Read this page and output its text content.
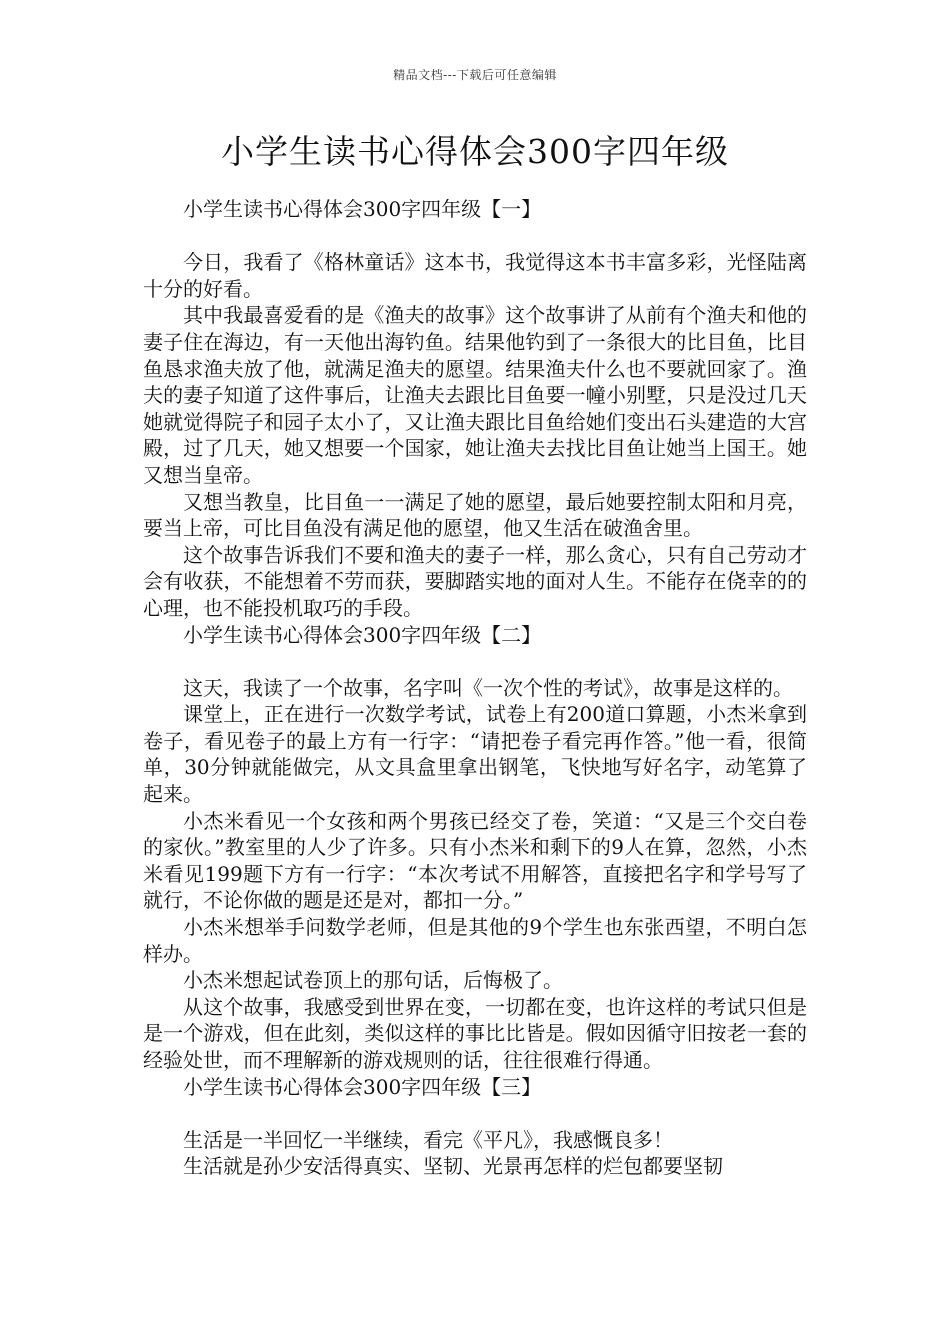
精品文档---下载后可任意编辑
小学生读书心得体会300字四年级

小学生读书心得体会300字四年级【一】

今日，我看了《格林童话》这本书，我觉得这本书丰富多彩，光怪陆离十分的好看。

其中我最喜爱看的是《渔夫的故事》这个故事讲了从前有个渔夫和他的妻子住在海边，有一天他出海钓鱼。结果他钓到了一条很大的比目鱼，比目鱼恳求渔夫放了他，就满足渔夫的愿望。结果渔夫什么也不要就回家了。渔夫的妻子知道了这件事后，让渔夫去跟比目鱼要一幢小别墅，只是没过几天她就觉得院子和园子太小了，又让渔夫跟比目鱼给她们变出石头建造的大宫殿，过了几天，她又想要一个国家，她让渔夫去找比目鱼让她当上国王。她又想当皇帝。

又想当教皇，比目鱼一一满足了她的愿望，最后她要控制太阳和月亮，要当上帝，可比目鱼没有满足他的愿望，他又生活在破渔舍里。

这个故事告诉我们不要和渔夫的妻子一样，那么贪心，只有自己劳动才会有收获，不能想着不劳而获，要脚踏实地的面对人生。不能存在侥幸的的心理，也不能投机取巧的手段。

小学生读书心得体会300字四年级【二】

这天，我读了一个故事，名字叫《一次个性的考试》，故事是这样的。

课堂上，正在进行一次数学考试，试卷上有200道口算题，小杰米拿到卷子，看见卷子的最上方有一行字：“请把卷子看完再作答。”他一看，很简单，30分钟就能做完，从文具盒里拿出钢笔，飞快地写好名字，动笔算了起来。

小杰米看见一个女孩和两个男孩已经交了卷，笑道：“又是三个交白卷的家伙。”教室里的人少了许多。只有小杰米和剩下的9人在算，忽然，小杰米看见199题下方有一行字：“本次考试不用解答，直接把名字和学号写了就行，不论你做的题是还是对，都扣一分。”

小杰米想举手问数学老师，但是其他的9个学生也东张西望，不明白怎样办。

小杰米想起试卷顶上的那句话，后悔极了。

从这个故事，我感受到世界在变，一切都在变，也许这样的考试只但是是一个游戏，但在此刻，类似这样的事比比皆是。假如因循守旧按老一套的经验处世，而不理解新的游戏规则的话，往往很难行得通。

小学生读书心得体会300字四年级【三】

生活是一半回忆一半继续，看完《平凡》，我感慨良多！

生活就是孙少安活得真实、坚韧、光景再怎样的烂包都要坚韧
